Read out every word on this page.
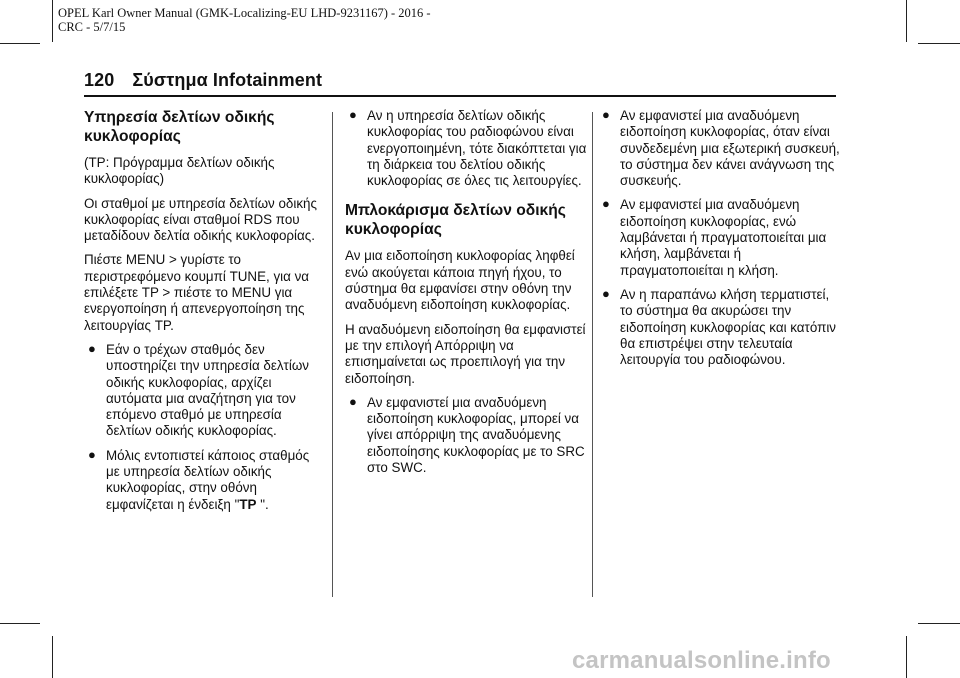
OPEL Karl Owner Manual (GMK-Localizing-EU LHD-9231167) - 2016 -
CRC - 5/7/15
120 Σύστημα Infotainment
Υπηρεσία δελτίων οδικής κυκλοφορίας

(TP: Πρόγραμμα δελτίων οδικής κυκλοφορίας)

Οι σταθμοί με υπηρεσία δελτίων οδικής κυκλοφορίας είναι σταθμοί RDS που μεταδίδουν δελτία οδικής κυκλοφορίας.

Πιέστε MENU > γυρίστε το περιστρεφόμενο κουμπί TUNE, για να επιλέξετε TP > πιέστε το MENU για ενεργοποίηση ή απενεργοποίηση της λειτουργίας TP.

● Εάν ο τρέχων σταθμός δεν υποστηρίζει την υπηρεσία δελτίων οδικής κυκλοφορίας, αρχίζει αυτόματα μια αναζήτηση για τον επόμενο σταθμό με υπηρεσία δελτίων οδικής κυκλοφορίας.
● Μόλις εντοπιστεί κάποιος σταθμός με υπηρεσία δελτίων οδικής κυκλοφορίας, στην οθόνη εμφανίζεται η ένδειξη "TP ".
● Αν η υπηρεσία δελτίων οδικής κυκλοφορίας του ραδιοφώνου είναι ενεργοποιημένη, τότε διακόπτεται για τη διάρκεια του δελτίου οδικής κυκλοφορίας σε όλες τις λειτουργίες.
Μπλοκάρισμα δελτίων οδικής κυκλοφορίας

Αν μια ειδοποίηση κυκλοφορίας ληφθεί ενώ ακούγεται κάποια πηγή ήχου, το σύστημα θα εμφανίσει στην οθόνη την αναδυόμενη ειδοποίηση κυκλοφορίας.

Η αναδυόμενη ειδοποίηση θα εμφανιστεί με την επιλογή Απόρριψη να επισημαίνεται ως προεπιλογή για την ειδοποίηση.

● Αν εμφανιστεί μια αναδυόμενη ειδοποίηση κυκλοφορίας, μπορεί να γίνει απόρριψη της αναδυόμενης ειδοποίησης κυκλοφορίας με το SRC στο SWC.
● Αν εμφανιστεί μια αναδυόμενη ειδοποίηση κυκλοφορίας, όταν είναι συνδεδεμένη μια εξωτερική συσκευή, το σύστημα δεν κάνει ανάγνωση της συσκευής.
● Αν εμφανιστεί μια αναδυόμενη ειδοποίηση κυκλοφορίας, ενώ λαμβάνεται ή πραγματοποιείται μια κλήση, λαμβάνεται ή πραγματοποιείται η κλήση.
● Αν η παραπάνω κλήση τερματιστεί, το σύστημα θα ακυρώσει την ειδοποίηση κυκλοφορίας και κατόπιν θα επιστρέψει στην τελευταία λειτουργία του ραδιοφώνου.
carmanualsonline.info
